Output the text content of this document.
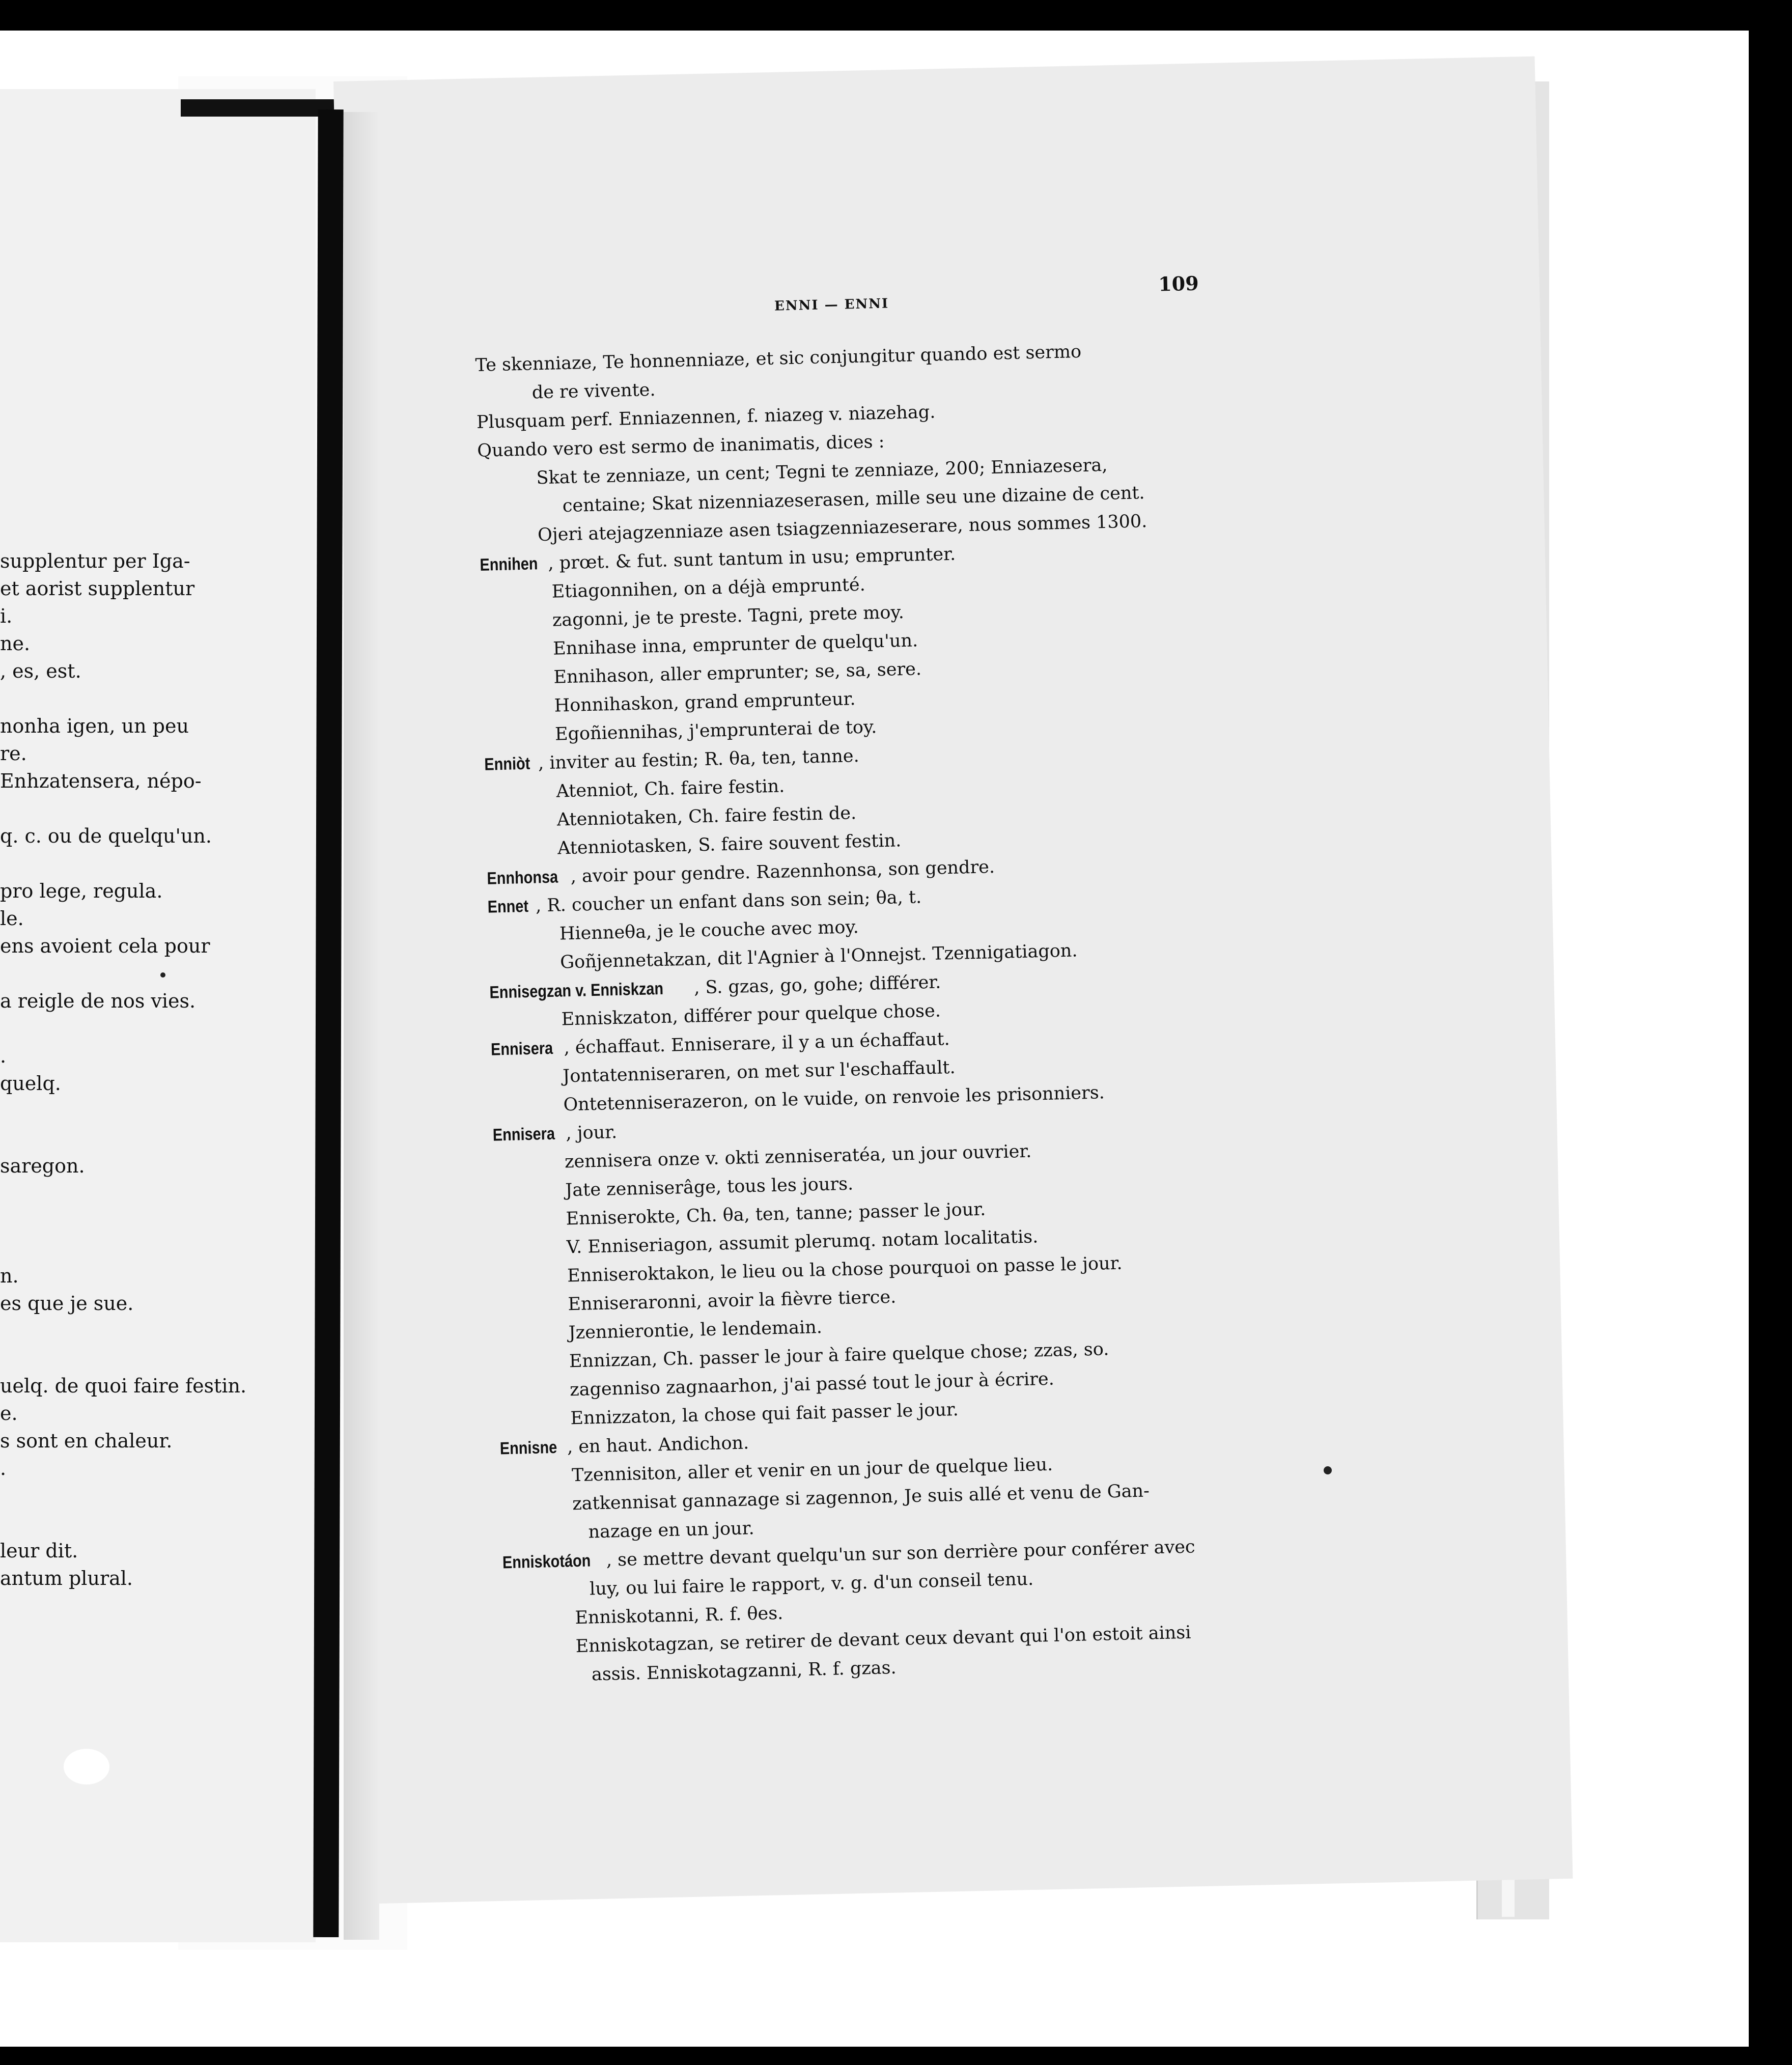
supplentur per Iga-
et aorist supplentur
i.
ne.
, es, est.
nonha igen, un peu
re.
Enhzatensera, népo-
q. c. ou de quelqu'un.
pro lege, regula.
le.
ens avoient cela pour
a reigle de nos vies.
.
quelq.
saregon.
n.
es que je sue.
uelq. de quoi faire festin.
e.
s sont en chaleur.
.
leur dit.
antum plural.
ENNI — ENNI
109
Te skenniaze, Te honnenniaze, et sic conjungitur quando est sermo
de re vivente.
Plusquam perf. Enniazennen, f. niazeg v. niazehag.
Quando vero est sermo de inanimatis, dices :
Skat te zenniaze, un cent; Tegni te zenniaze, 200; Enniazesera,
centaine; Skat nizenniazeserasen, mille seu une dizaine de cent.
Ojeri atejagzenniaze asen tsiagzenniazeserare, nous sommes 1300.
Ennihen , prœt. & fut. sunt tantum in usu; emprunter.
Etiagonnihen, on a déjà emprunté.
zagonni, je te preste. Tagni, prete moy.
Ennihase inna, emprunter de quelqu'un.
Ennihason, aller emprunter; se, sa, sere.
Honnihaskon, grand emprunteur.
Egoñiennihas, j'emprunterai de toy.
Enniòt , inviter au festin; R. θa, ten, tanne.
Atenniot, Ch. faire festin.
Atenniotaken, Ch. faire festin de.
Atenniotasken, S. faire souvent festin.
Ennhonsa , avoir pour gendre. Razennhonsa, son gendre.
Ennet , R. coucher un enfant dans son sein; θa, t.
Hienneθa, je le couche avec moy.
Goñjennetakzan, dit l'Agnier à l'Onnejst. Tzennigatiagon.
Ennisegzan v. Enniskzan , S. gzas, go, gohe; différer.
Enniskzaton, différer pour quelque chose.
Ennisera , échaffaut. Enniserare, il y a un échaffaut.
Jontatenniseraren, on met sur l'eschaffault.
Ontetenniserazeron, on le vuide, on renvoie les prisonniers.
Ennisera , jour.
zennisera onze v. okti zenniseratéa, un jour ouvrier.
Jate zenniserâge, tous les jours.
Enniserokte, Ch. θa, ten, tanne; passer le jour.
V. Enniseriagon, assumit plerumq. notam localitatis.
Enniseroktakon, le lieu ou la chose pourquoi on passe le jour.
Enniseraronni, avoir la fièvre tierce.
Jzennierontie, le lendemain.
Ennizzan, Ch. passer le jour à faire quelque chose; zzas, so.
zagenniso zagnaarhon, j'ai passé tout le jour à écrire.
Ennizzaton, la chose qui fait passer le jour.
Ennisne , en haut. Andichon.
Tzennisiton, aller et venir en un jour de quelque lieu.
zatkennisat gannazage si zagennon, Je suis allé et venu de Gan-
nazage en un jour.
Enniskotáon , se mettre devant quelqu'un sur son derrière pour conférer avec
luy, ou lui faire le rapport, v. g. d'un conseil tenu.
Enniskotanni, R. f. θes.
Enniskotagzan, se retirer de devant ceux devant qui l'on estoit ainsi
assis. Enniskotagzanni, R. f. gzas.
